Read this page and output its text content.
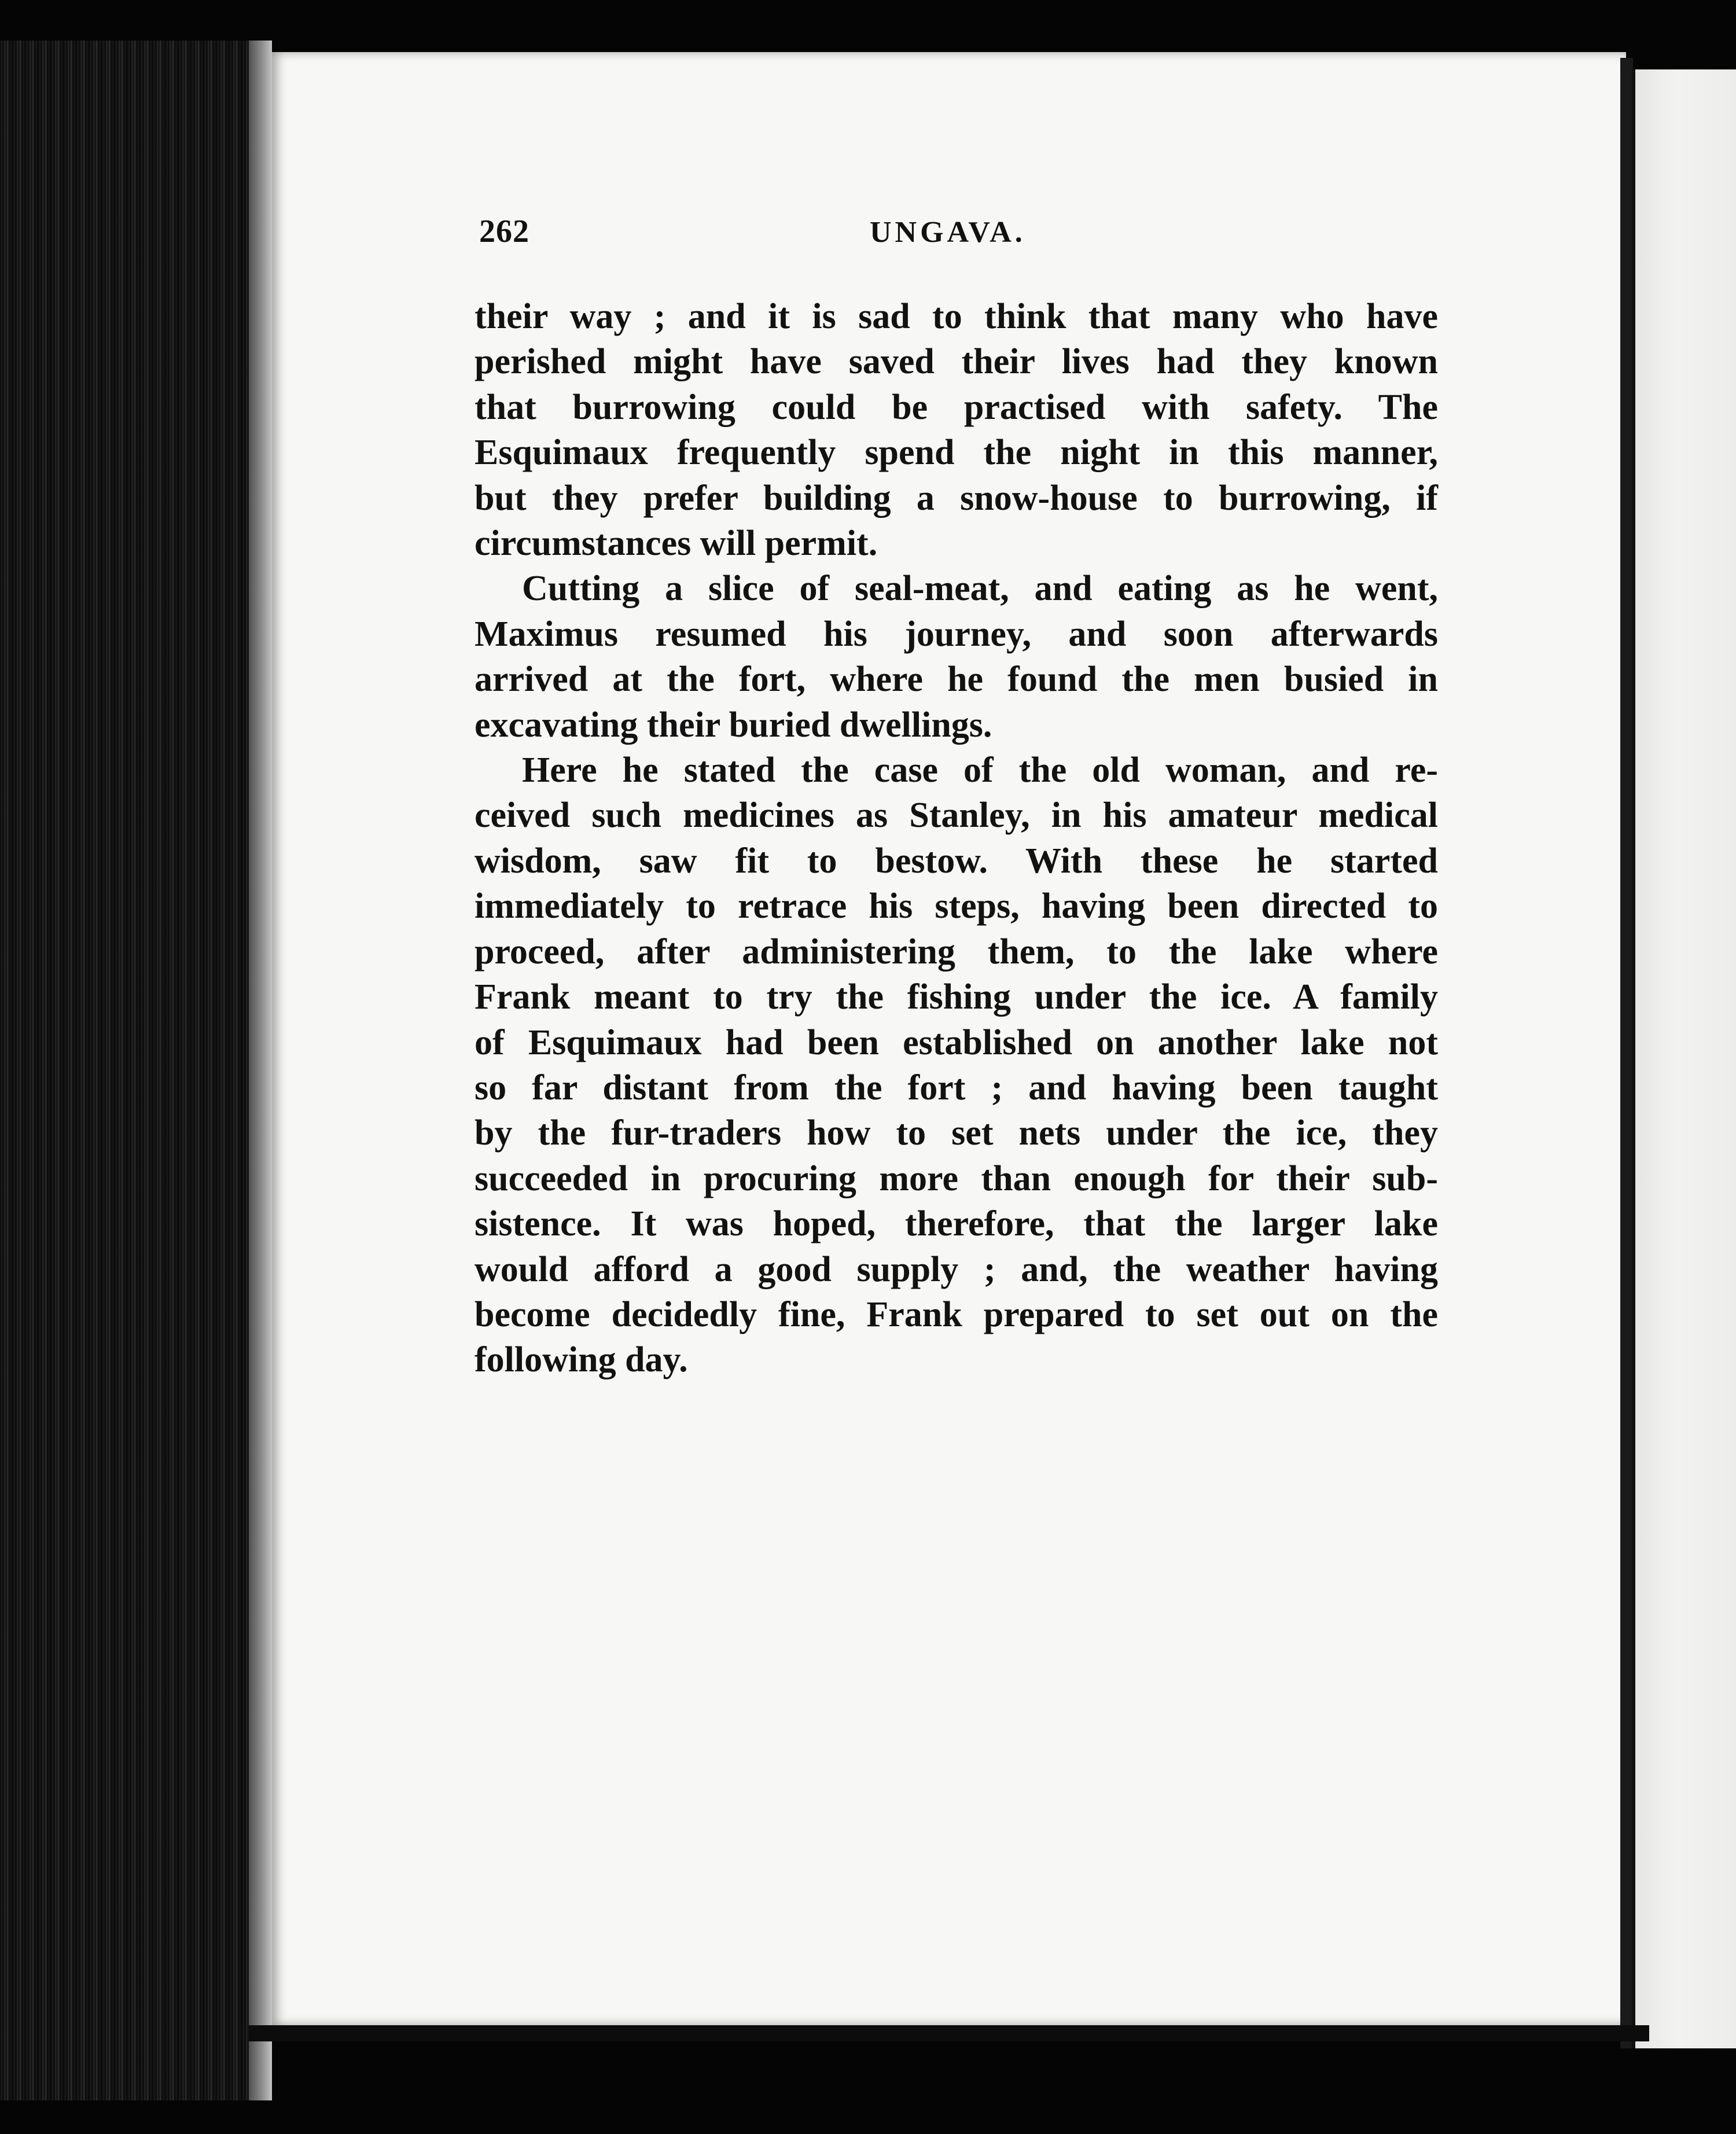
262	UNGAVA.

their way ; and it is sad to think that many who have
perished might have saved their lives had they known
that burrowing could be practised with safety. The
Esquimaux frequently spend the night in this manner,
but they prefer building a snow-house to burrowing, if
circumstances will permit.

Cutting a slice of seal-meat, and eating as he went,
Maximus resumed his journey, and soon afterwards
arrived at the fort, where he found the men busied in
excavating their buried dwellings.

Here he stated the case of the old woman, and re-
ceived such medicines as Stanley, in his amateur medical
wisdom, saw fit to bestow. With these he started
immediately to retrace his steps, having been directed to
proceed, after administering them, to the lake where
Frank meant to try the fishing under the ice. A family
of Esquimaux had been established on another lake not
so far distant from the fort ; and having been taught
by the fur-traders how to set nets under the ice, they
succeeded in procuring more than enough for their sub-
sistence. It was hoped, therefore, that the larger lake
would afford a good supply ; and, the weather having
become decidedly fine, Frank prepared to set out on the
following day.
